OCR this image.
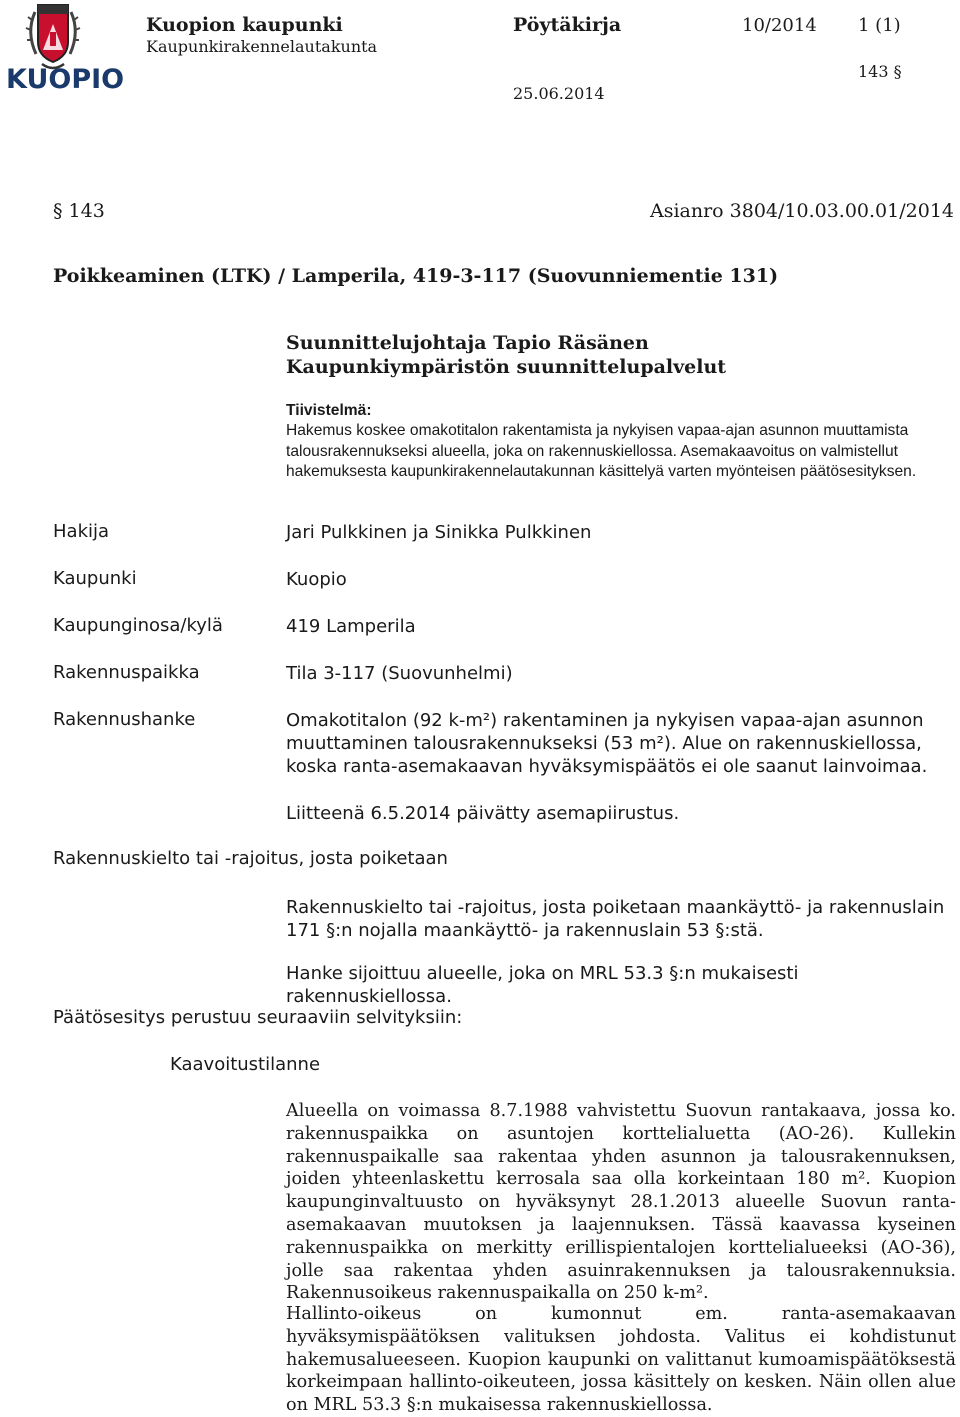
KUOPIO
Kuopion kaupunki
Kaupunkirakennelautakunta
Pöytäkirja	10/2014 1 (1)
143 §
25.06.2014
§ 143	Asianro 3804/10.03.00.01/2014
Poikkeaminen (LTK) / Lamperila, 419-3-117 (Suovunniementie 131)
Suunnittelujohtaja Tapio Räsänen
Kaupunkiympäristön suunnittelupalvelut
Tiivistelmä:
Hakemus koskee omakotitalon rakentamista ja nykyisen vapaa-ajan asunnon muuttamista talousrakennukseksi alueella, joka on rakennuskiellossa. Asemakaavoitus on valmistellut hakemuksesta kaupunkirakennelautakunnan käsittelyä varten myönteisen päätösesityksen.
Hakija	Jari Pulkkinen ja Sinikka Pulkkinen
Kaupunki	Kuopio
Kaupunginosa/kylä	419 Lamperila
Rakennuspaikka	Tila 3-117 (Suovunhelmi)
Rakennushanke	Omakotitalon (92 k-m²) rakentaminen ja nykyisen vapaa-ajan asunnon muuttaminen talousrakennukseksi (53 m²). Alue on rakennuskiellossa, koska ranta-asemakaavan hyväksymispäätös ei ole saanut lainvoimaa.
Liitteenä 6.5.2014 päivätty asemapiirustus.
Rakennuskielto tai -rajoitus, josta poiketaan
Rakennuskielto tai -rajoitus, josta poiketaan maankäyttö- ja rakennuslain 171 §:n nojalla maankäyttö- ja rakennuslain 53 §:stä.
Hanke sijoittuu alueelle, joka on MRL 53.3 §:n mukaisesti rakennuskiellossa.
Päätösesitys perustuu seuraaviin selvityksiin:
Kaavoitustilanne
Alueella on voimassa 8.7.1988 vahvistettu Suovun rantakaava, jossa ko. rakennuspaikka on asuntojen korttelialuetta (AO-26). Kullekin rakennuspaikalle saa rakentaa yhden asunnon ja talousrakennuksen, joiden yhteenlaskettu kerrosala saa olla korkeintaan 180 m². Kuopion kaupunginvaltuusto on hyväksynyt 28.1.2013 alueelle Suovun ranta-asemakaavan muutoksen ja laajennuksen. Tässä kaavassa kyseinen rakennuspaikka on merkitty erillispientalojen korttelialueeksi (AO-36), jolle saa rakentaa yhden asuinrakennuksen ja talousrakennuksia. Rakennusoikeus rakennuspaikalla on 250 k-m².
Hallinto-oikeus on kumonnut em. ranta-asemakaavan hyväksymispäätöksen valituksen johdosta. Valitus ei kohdistunut hakemusalueeseen. Kuopion kaupunki on valittanut kumoamispäätöksestä korkeimpaan hallinto-oikeuteen, jossa käsittely on kesken. Näin ollen alue on MRL 53.3 §:n mukaisessa rakennuskiellossa.
